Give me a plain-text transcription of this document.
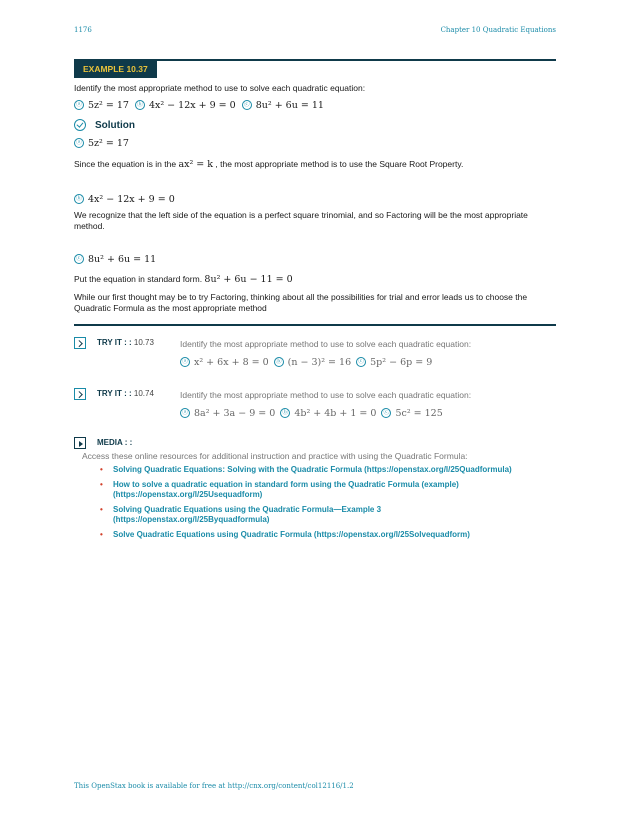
1176	Chapter 10 Quadratic Equations
EXAMPLE 10.37
Identify the most appropriate method to use to solve each quadratic equation:
ⓐ 5z² = 17	ⓑ 4x² − 12x + 9 = 0	ⓒ 8u² + 6u = 11
Solution
ⓐ 5z² = 17
Since the equation is in the ax² = k , the most appropriate method is to use the Square Root Property.
ⓑ 4x² − 12x + 9 = 0
We recognize that the left side of the equation is a perfect square trinomial, and so Factoring will be the most appropriate method.
ⓒ 8u² + 6u = 11
Put the equation in standard form. 8u² + 6u − 11 = 0
While our first thought may be to try Factoring, thinking about all the possibilities for trial and error leads us to choose the Quadratic Formula as the most appropriate method
TRY IT : : 10.73	Identify the most appropriate method to use to solve each quadratic equation:
ⓐ x² + 6x + 8 = 0	ⓑ (n − 3)² = 16	ⓒ 5p² − 6p = 9
TRY IT : : 10.74	Identify the most appropriate method to use to solve each quadratic equation:
ⓐ 8a² + 3a − 9 = 0	ⓑ 4b² + 4b + 1 = 0	ⓒ 5c² = 125
MEDIA : :
Access these online resources for additional instruction and practice with using the Quadratic Formula:
• Solving Quadratic Equations: Solving with the Quadratic Formula (https://openstax.org/l/25Quadformula)
• How to solve a quadratic equation in standard form using the Quadratic Formula (example) (https://openstax.org/l/25Usequadform)
• Solving Quadratic Equations using the Quadratic Formula—Example 3 (https://openstax.org/l/25Byquadformula)
• Solve Quadratic Equations using Quadratic Formula (https://openstax.org/l/25Solvequadform)
This OpenStax book is available for free at http://cnx.org/content/col12116/1.2
